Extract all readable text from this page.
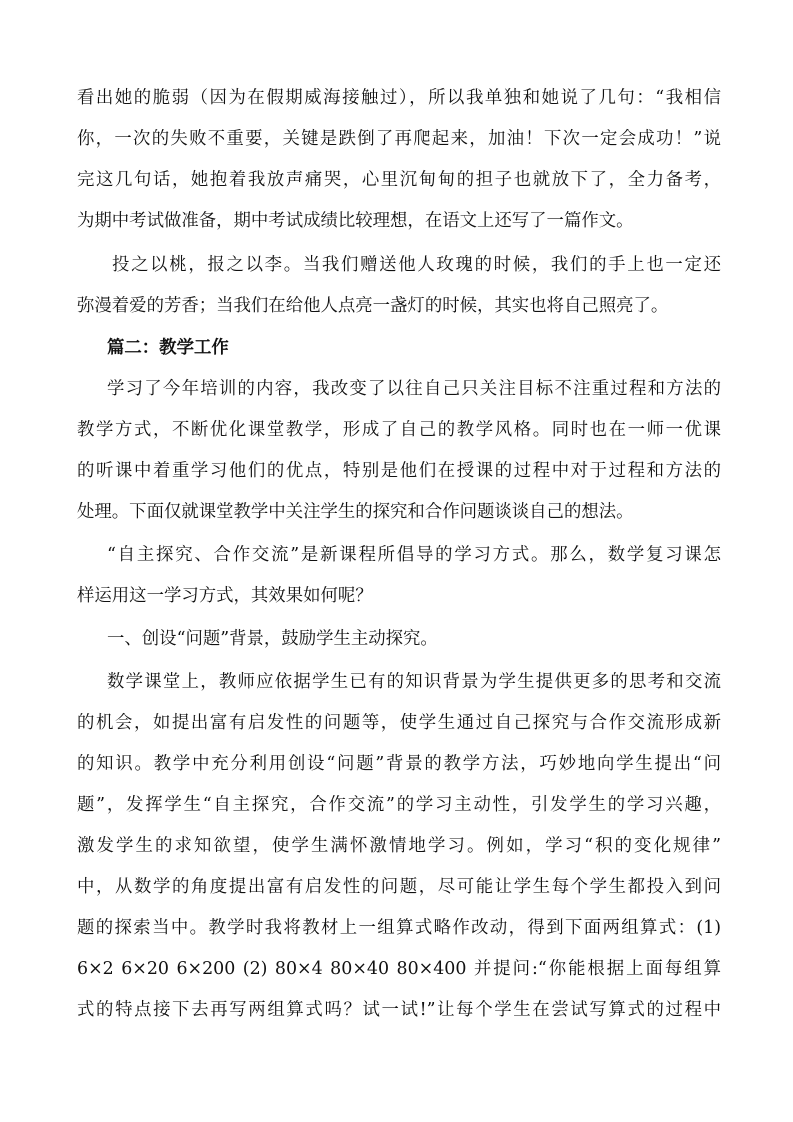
看出她的脆弱（因为在假期威海接触过），所以我单独和她说了几句：“我相信
你，一次的失败不重要，关键是跌倒了再爬起来，加油！下次一定会成功！”说
完这几句话，她抱着我放声痛哭，心里沉甸甸的担子也就放下了，全力备考，
为期中考试做准备，期中考试成绩比较理想，在语文上还写了一篇作文。
投之以桃，报之以李。当我们赠送他人玫瑰的时候，我们的手上也一定还
弥漫着爱的芳香；当我们在给他人点亮一盏灯的时候，其实也将自己照亮了。
篇二：教学工作
学习了今年培训的内容，我改变了以往自己只关注目标不注重过程和方法的
教学方式，不断优化课堂教学，形成了自己的教学风格。同时也在一师一优课
的听课中着重学习他们的优点，特别是他们在授课的过程中对于过程和方法的
处理。下面仅就课堂教学中关注学生的探究和合作问题谈谈自己的想法。
“自主探究、合作交流”是新课程所倡导的学习方式。那么，数学复习课怎
样运用这一学习方式，其效果如何呢？
一、创设“问题”背景，鼓励学生主动探究。
数学课堂上，教师应依据学生已有的知识背景为学生提供更多的思考和交流
的机会，如提出富有启发性的问题等，使学生通过自己探究与合作交流形成新
的知识。教学中充分利用创设“问题”背景的教学方法，巧妙地向学生提出“问
题”，发挥学生“自主探究，合作交流”的学习主动性，引发学生的学习兴趣，
激发学生的求知欲望，使学生满怀激情地学习。例如，学习“积的变化规律”
中，从数学的角度提出富有启发性的问题，尽可能让学生每个学生都投入到问
题的探索当中。教学时我将教材上一组算式略作改动，得到下面两组算式：(1)
6×2 6×20 6×200 (2) 80×4 80×40 80×400 并提问:“你能根据上面每组算
式的特点接下去再写两组算式吗？试一试!”让每个学生在尝试写算式的过程中
